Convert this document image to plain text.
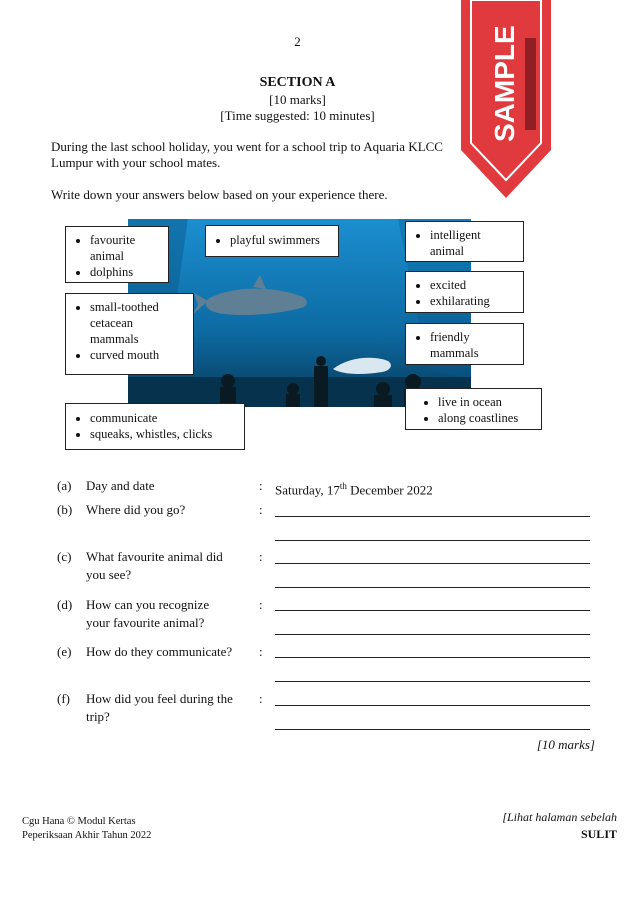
2
SECTION A
[10 marks]
[Time suggested: 10 minutes]
During the last school holiday, you went for a school trip to Aquaria KLCC
Lumpur with your school mates.
Write down your answers below based on your experience there.
• favourite
animal
• dolphins
• playful swimmers
• small-toothed
cetacean
mammals
• curved mouth
• communicate
• squeaks, whistles, clicks
• intelligent
animal
• excited
• exhilarating
• friendly
mammals
• live in ocean
• along coastlines
(a) Day and date	: Saturday, 17th December 2022
(b) Where did you go?	:
(c) What favourite animal did
you see?
:
(d) How can you recognize
your favourite animal?
:
(e) How do they communicate? :
(f) How did you feel during the
trip?
:
[10 marks]
Cgu Hana © Modul Kertas
Peperiksaan Akhir Tahun 2022
[Lihat halaman sebelah
SULIT
SAMPLE
